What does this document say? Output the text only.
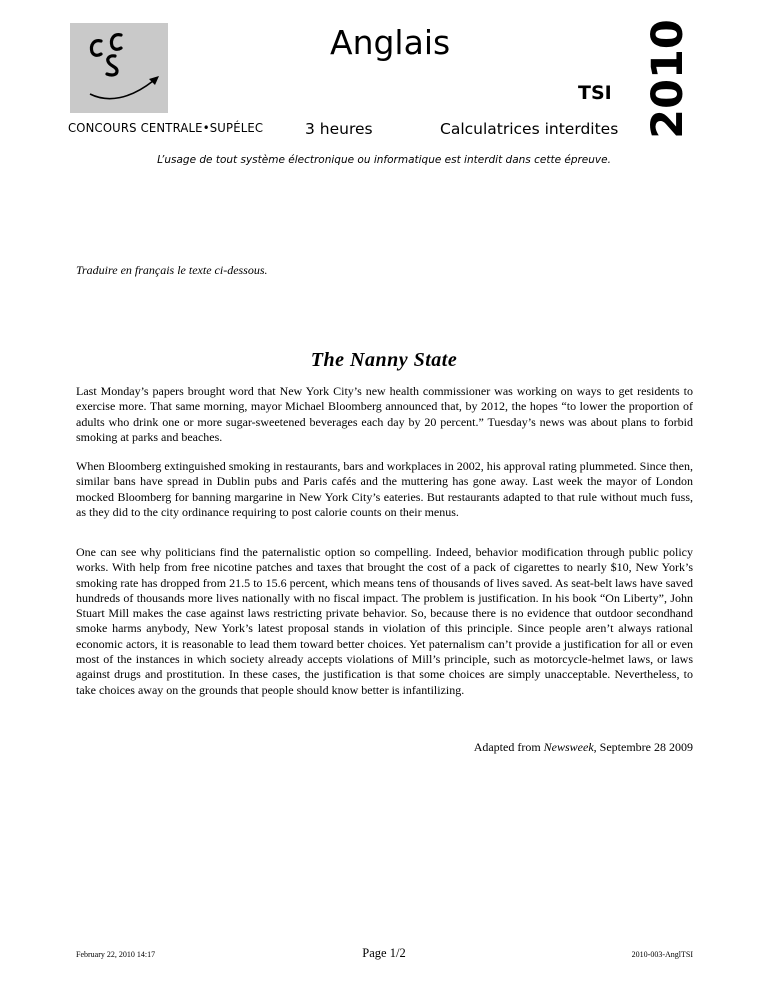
CONCOURS CENTRALE•SUPÉLEC
Anglais
TSI
3 heures	Calculatrices interdites 2010
L’usage de tout système électronique ou informatique est interdit dans cette épreuve.
Traduire en français le texte ci-dessous.
The Nanny State

Last Monday’s papers brought word that New York City’s new health commissioner was working on ways to get residents to exercise more. That same morning, mayor Michael Bloomberg announced that, by 2012, the hopes “to lower the proportion of adults who drink one or more sugar-sweetened beverages each day by 20 percent.” Tuesday’s news was about plans to forbid smoking at parks and beaches.

When Bloomberg extinguished smoking in restaurants, bars and workplaces in 2002, his approval rating plummeted. Since then, similar bans have spread in Dublin pubs and Paris cafés and the muttering has gone away. Last week the mayor of London mocked Bloomberg for banning margarine in New York City’s eateries. But restaurants adapted to that rule without much fuss, as they did to the city ordinance requiring to post calorie counts on their menus.

One can see why politicians find the paternalistic option so compelling. Indeed, behavior modification through public policy works. With help from free nicotine patches and taxes that brought the cost of a pack of cigarettes to nearly $10, New York’s smoking rate has dropped from 21.5 to 15.6 percent, which means tens of thousands of lives saved. As seat-belt laws have saved hundreds of thousands more lives nationally with no fiscal impact. The problem is justification. In his book “On Liberty”, John Stuart Mill makes the case against laws restricting private behavior. So, because there is no evidence that outdoor secondhand smoke harms anybody, New York’s latest proposal stands in violation of this principle. Since people aren’t always rational economic actors, it is reasonable to lead them toward better choices. Yet paternalism can’t provide a justification for all or even most of the instances in which society already accepts violations of Mill’s principle, such as motorcycle-helmet laws, or laws against drugs and prostitution. In these cases, the justification is that some choices are simply unacceptable. Nevertheless, to take choices away on the grounds that people should know better is infantilizing.

Adapted from Newsweek, Septembre 28 2009
February 22, 2010 14:17	Page 1/2	2010-003-AnglTSI
